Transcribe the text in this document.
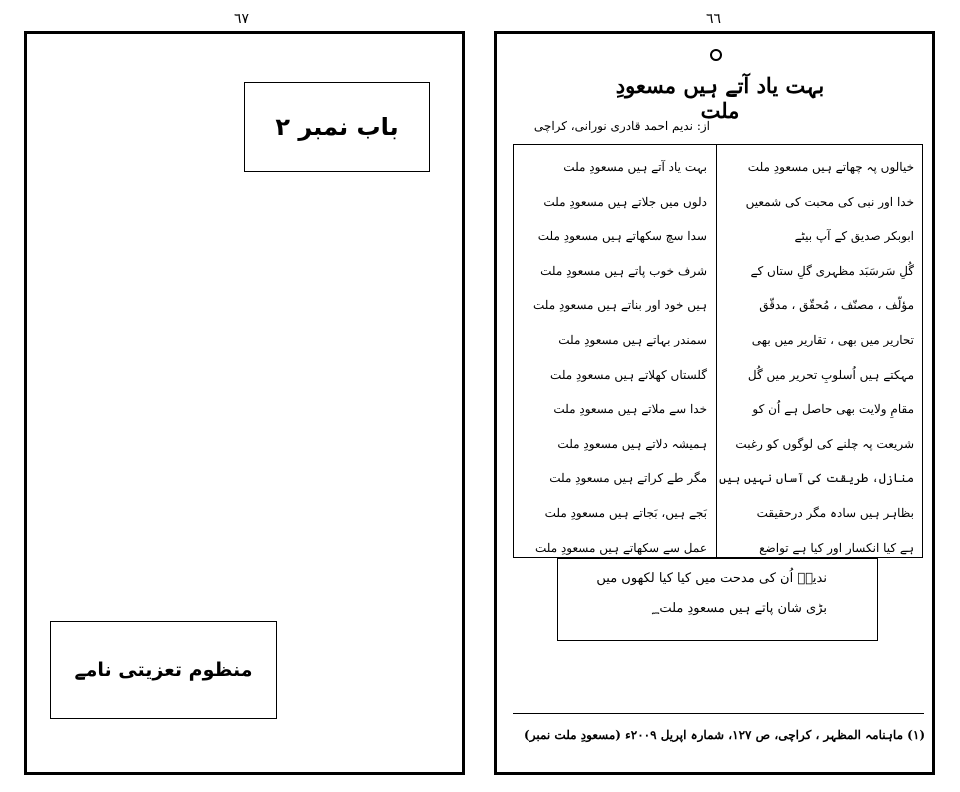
٦٧	٦٦
باب نمبر ۲
منظوم تعزیتی نامے
بہت یاد آتے ہیں مسعودِ ملت
از: ندیم احمد قادری نورانی، کراچی
خیالوں پہ چھاتے ہیں مسعودِ ملت
خدا اور نبی کی محبت کی شمعیں
ابوبکر صدیق کے آپ بیٹے
گُلِ سَرسَبَد مظہری گلِ ستاں کے
مؤلّف ، مصنّف ، مُحقّق ، مدقّق
تحاریر میں بھی ، تقاریر میں بھی
مہکتے ہیں اُسلوبِ تحریر میں گُل
مقامِ ولایت بھی حاصل ہے اُن کو
شریعت پہ چلنے کی لوگوں کو رغبت
منازل، طریقت کی آساں نہیں ہیں
بظاہر ہیں سادہ مگر درحقیقت
ہے کیا انکسار اور کیا ہے تواضع
بہت یاد آتے ہیں مسعودِ ملت
دلوں میں جلاتے ہیں مسعودِ ملت
سدا سچ سکھاتے ہیں مسعودِ ملت
شرف خوب پاتے ہیں مسعودِ ملت
ہیں خود اور بناتے ہیں مسعودِ ملت
سمندر بہاتے ہیں مسعودِ ملت
گلستاں کھلاتے ہیں مسعودِ ملت
خدا سے ملاتے ہیں مسعودِ ملت
ہمیشہ دلاتے ہیں مسعودِ ملت
مگر طے کراتے ہیں مسعودِ ملت
بَجے ہیں، بَجاتے ہیں مسعودِ ملت
عمل سے سکھاتے ہیں مسعودِ ملت
ندیمؔ اُن کی مدحت میں کیا کیا لکھوں میں
بڑی شان پاتے ہیں مسعودِ ملت؁
(۱) ماہنامہ المظہر ، کراچی، ص ۱۲۷، شمارہ اپریل ۲۰۰۹ء (مسعودِ ملت نمبر)
